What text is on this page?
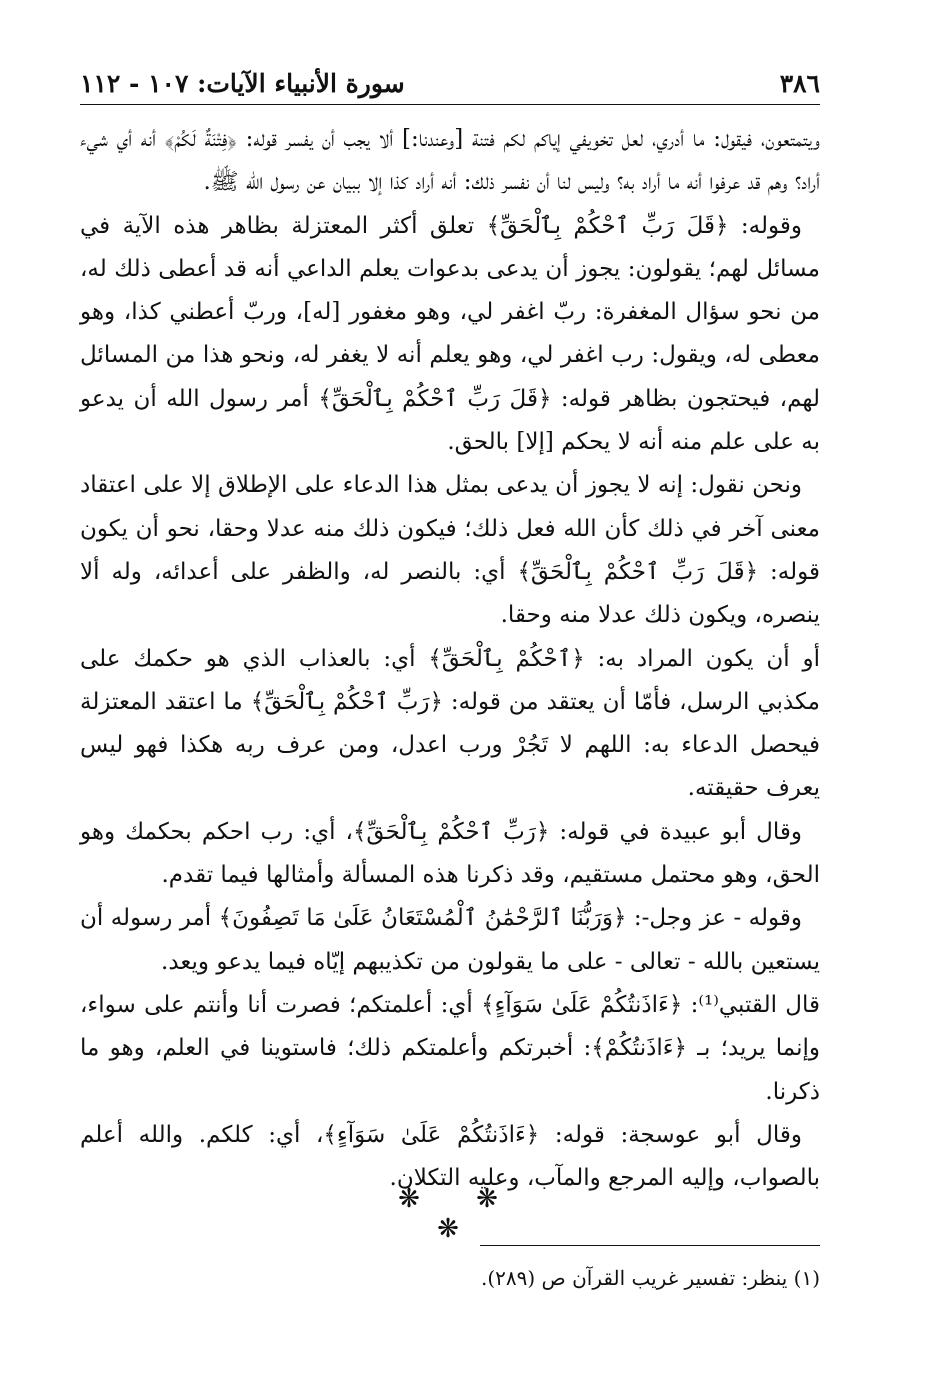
٣٨٦
سورة الأنبياء الآيات: ١٠٧ - ١١٢

ويتمتعون، فيقول: ما أدري، لعل تخويفي إياكم لكم فتنة [وعندنا:] ألا يجب أن يفسر قوله: ﴿فِتْنَةٌ لَكُمْ﴾ أنه أي شيء أراد؟ وهم قد عرفوا أنه ما أراد به؟ وليس لنا أن نفسر ذلك: أنه أراد كذا إلا ببيان عن رسول الله ﷺ.

وقوله: ﴿قَلَ رَبِّ ٱحْكُمْ بِٱلْحَقِّ﴾ تعلق أكثر المعتزلة بظاهر هذه الآية في مسائل لهم؛ يقولون: يجوز أن يدعى بدعوات يعلم الداعي أنه قد أعطى ذلك له، من نحو سؤال المغفرة: ربّ اغفر لي، وهو مغفور [له]، وربّ أعطني كذا، وهو معطى له، ويقول: رب اغفر لي، وهو يعلم أنه لا يغفر له، ونحو هذا من المسائل لهم، فيحتجون بظاهر قوله: ﴿قَلَ رَبِّ ٱحْكُمْ بِٱلْحَقِّ﴾ أمر رسول الله أن يدعو به على علم منه أنه لا يحكم [إلا] بالحق.

ونحن نقول: إنه لا يجوز أن يدعى بمثل هذا الدعاء على الإطلاق إلا على اعتقاد معنى آخر في ذلك كأن الله فعل ذلك؛ فيكون ذلك منه عدلا وحقا، نحو أن يكون قوله: ﴿قَلَ رَبِّ ٱحْكُمْ بِٱلْحَقِّ﴾ أي: بالنصر له، والظفر على أعدائه، وله ألا ينصره، ويكون ذلك عدلا منه وحقا.

أو أن يكون المراد به: ﴿ٱحْكُمْ بِٱلْحَقِّ﴾ أي: بالعذاب الذي هو حكمك على مكذبي الرسل، فأمّا أن يعتقد من قوله: ﴿رَبِّ ٱحْكُمْ بِٱلْحَقِّ﴾ ما اعتقد المعتزلة فيحصل الدعاء به: اللهم لا تَجُرْ ورب اعدل، ومن عرف ربه هكذا فهو ليس يعرف حقيقته.

وقال أبو عبيدة في قوله: ﴿رَبِّ ٱحْكُمْ بِٱلْحَقِّ﴾، أي: رب احكم بحكمك وهو الحق، وهو محتمل مستقيم، وقد ذكرنا هذه المسألة وأمثالها فيما تقدم.

وقوله - عز وجل-: ﴿وَرَبُّنَا ٱلرَّحْمَٰنُ ٱلْمُسْتَعَانُ عَلَىٰ مَا تَصِفُونَ﴾ أمر رسوله أن يستعين بالله - تعالى - على ما يقولون من تكذيبهم إيّاه فيما يدعو ويعد.

قال القتبي⁽¹⁾: ﴿ءَاذَنتُكُمْ عَلَىٰ سَوَآءٍ﴾ أي: أعلمتكم؛ فصرت أنا وأنتم على سواء، وإنما يريد؛ بـ ﴿ءَاذَنتُكُمْ﴾: أخبرتكم وأعلمتكم ذلك؛ فاستوينا في العلم، وهو ما ذكرنا.

وقال أبو عوسجة: قوله: ﴿ءَاذَنتُكُمْ عَلَىٰ سَوَآءٍ﴾، أي: كلكم. والله أعلم بالصواب، وإليه المرجع والمآب، وعليه التكلان.

❋ ❋ ❋
(١) ينظر: تفسير غريب القرآن ص (٢٨٩).
